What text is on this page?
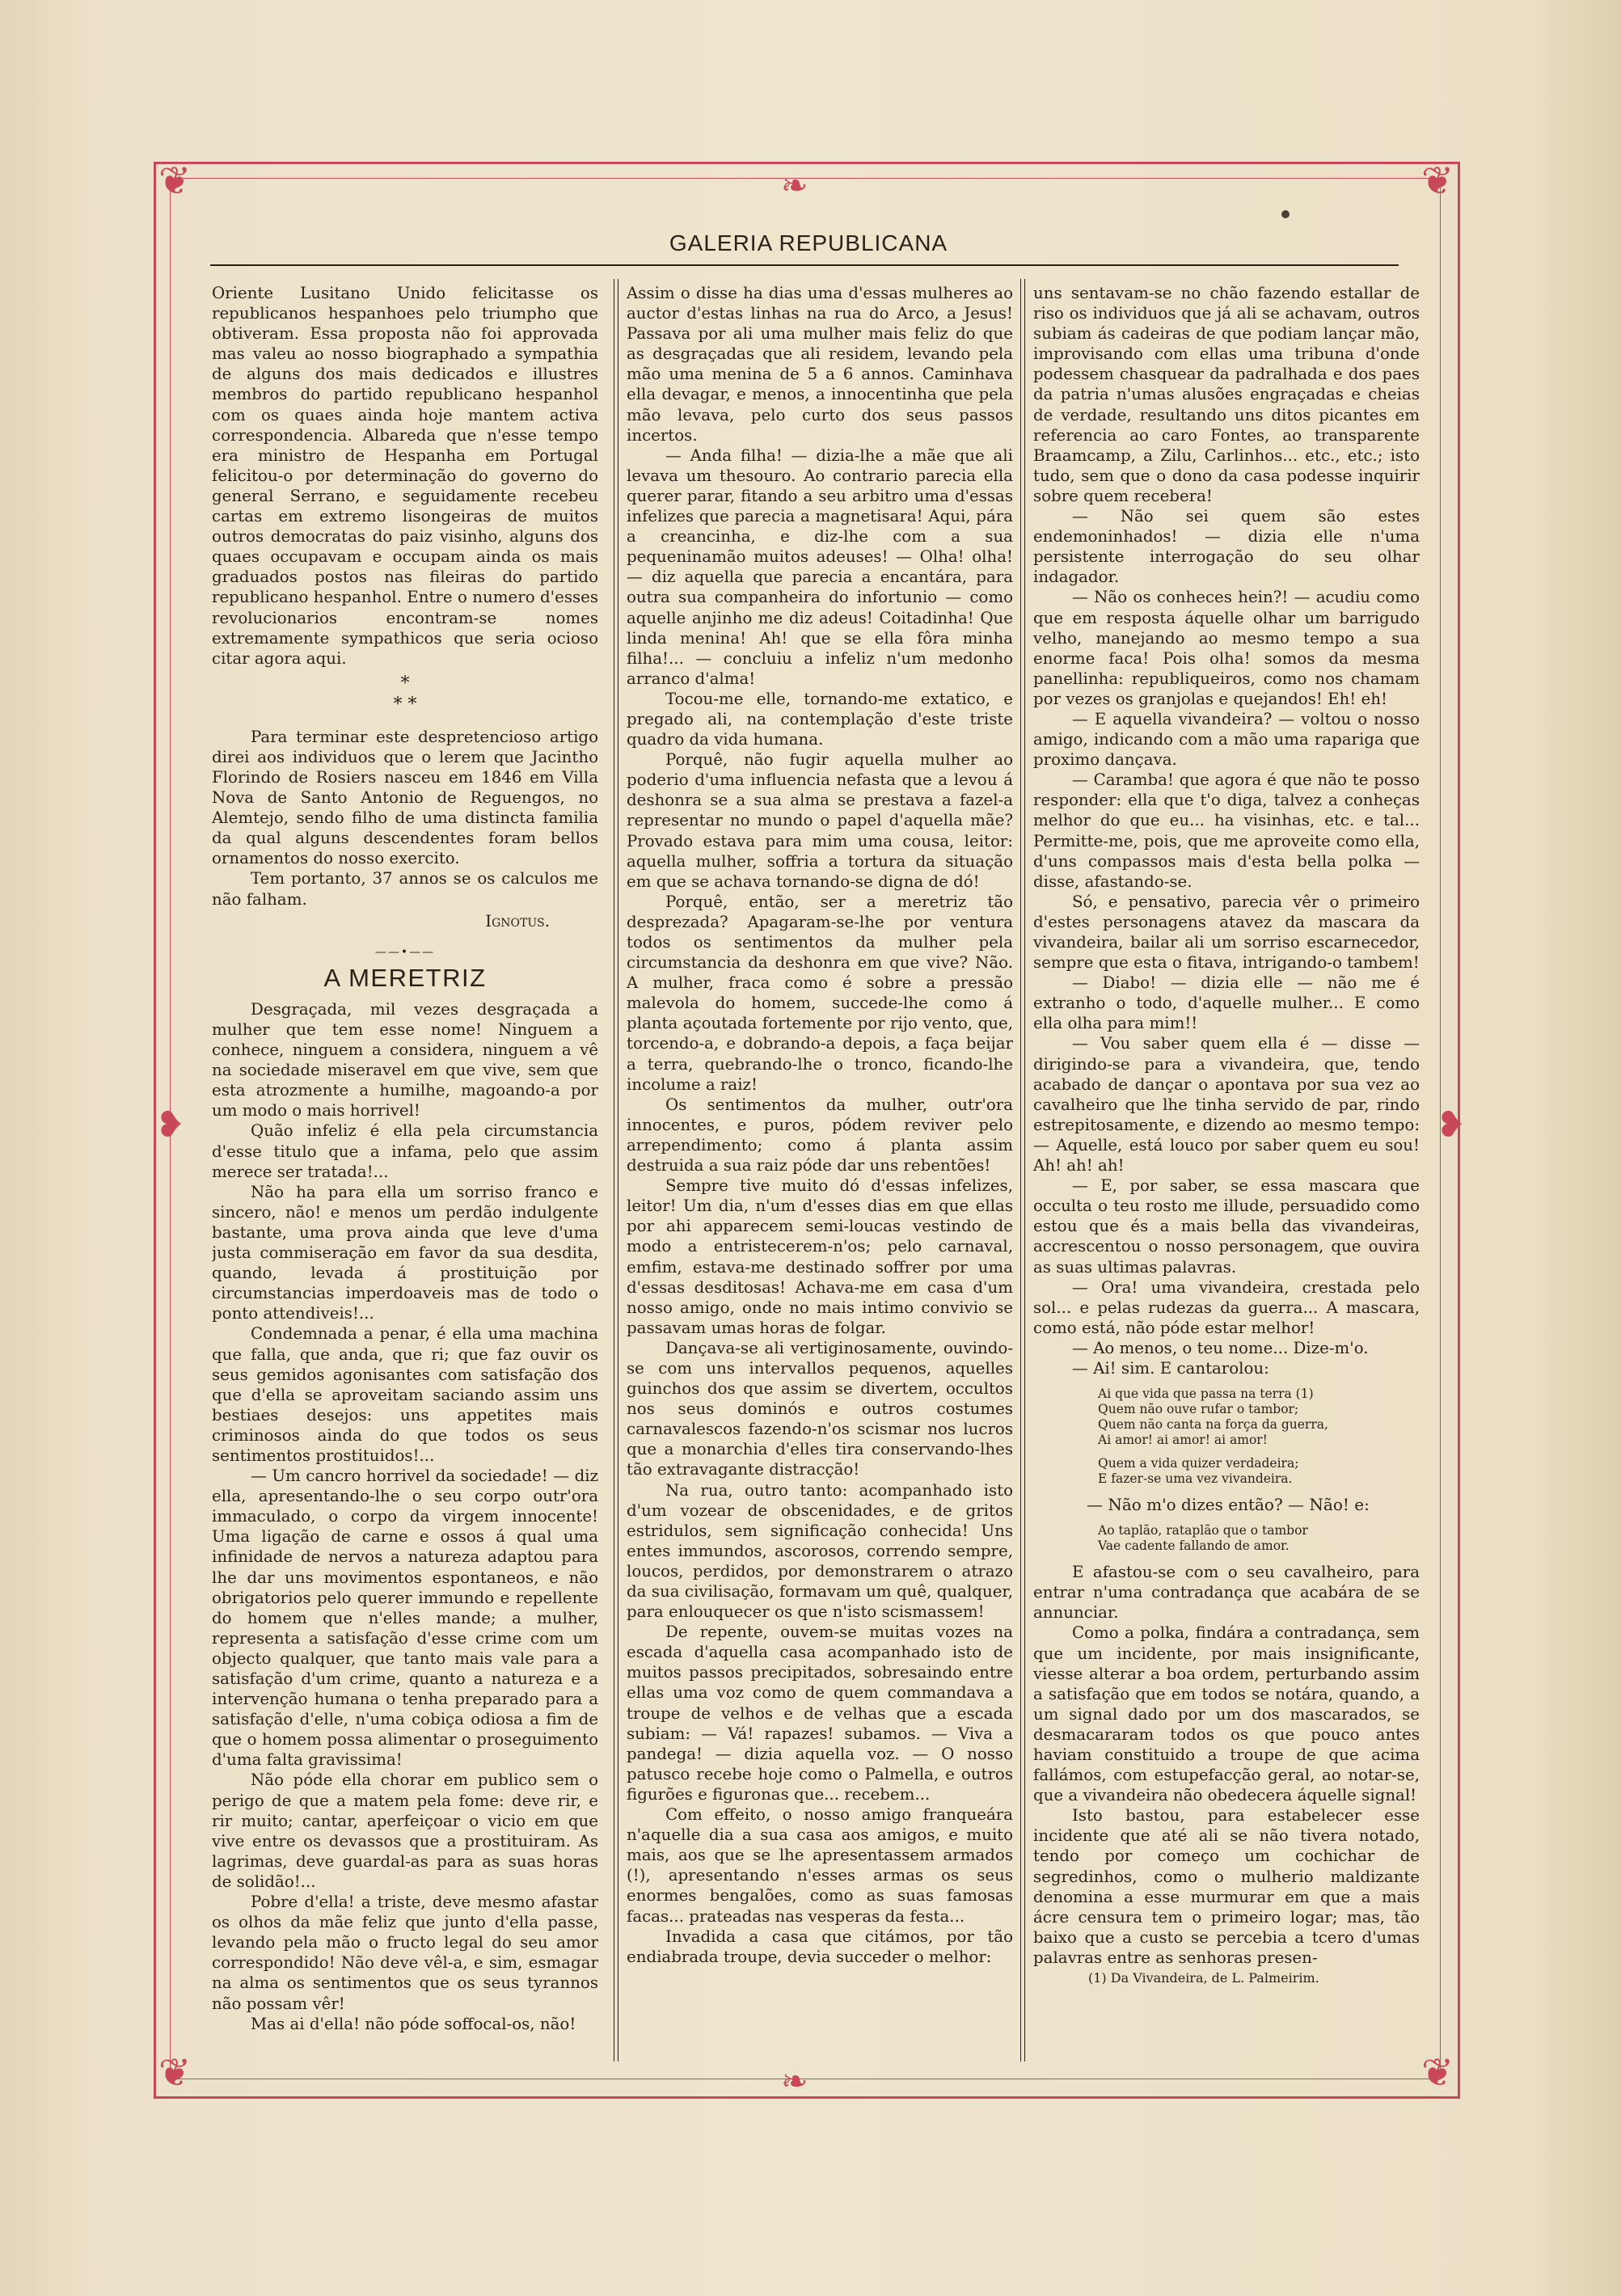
❦	❦
❦	❦
❧
❧
❥	❥
GALERIA REPUBLICANA

Oriente Lusitano Unido felicitasse os republicanos hespanhoes pelo triumpho que obtiveram. Essa proposta não foi approvada mas valeu ao nosso biographado a sympathia de alguns dos mais dedicados e illustres membros do partido republicano hespanhol com os quaes ainda hoje mantem activa correspondencia. Albareda que n'esse tempo era ministro de Hespanha em Portugal felicitou-o por determinação do governo do general Serrano, e seguidamente recebeu cartas em extremo lisongeiras de muitos outros democratas do paiz visinho, alguns dos quaes occupavam e occupam ainda os mais graduados postos nas fileiras do partido republicano hespanhol. Entre o numero d'esses revolucionarios encontram-se nomes extremamente sympathicos que seria ocioso citar agora aqui.

*
* *

Para terminar este despretencioso artigo direi aos individuos que o lerem que Jacintho Florindo de Rosiers nasceu em 1846 em Villa Nova de Santo Antonio de Reguengos, no Alemtejo, sendo filho de uma distincta familia da qual alguns descendentes foram bellos ornamentos do nosso exercito.

Tem portanto, 37 annos se os calculos me não falham.

Ignotus.

——•——
A MERETRIZ

Desgraçada, mil vezes desgraçada a mulher que tem esse nome! Ninguem a conhece, ninguem a considera, ninguem a vê na sociedade miseravel em que vive, sem que esta atrozmente a humilhe, magoando-a por um modo o mais horrivel!

Quão infeliz é ella pela circumstancia d'esse titulo que a infama, pelo que assim merece ser tratada!...

Não ha para ella um sorriso franco e sincero, não! e menos um perdão indulgente bastante, uma prova ainda que leve d'uma justa commiseração em favor da sua desdita, quando, levada á prostituição por circumstancias imperdoaveis mas de todo o ponto attendiveis!...

Condemnada a penar, é ella uma machina que falla, que anda, que ri; que faz ouvir os seus gemidos agonisantes com satisfação dos que d'ella se aproveitam saciando assim uns bestiaes desejos: uns appetites mais criminosos ainda do que todos os seus sentimentos prostituidos!...

— Um cancro horrivel da sociedade! — diz ella, apresentando-lhe o seu corpo outr'ora immaculado, o corpo da virgem innocente! Uma ligação de carne e ossos á qual uma infinidade de nervos a natureza adaptou para lhe dar uns movimentos espontaneos, e não obrigatorios pelo querer immundo e repellente do homem que n'elles mande; a mulher, representa a satisfação d'esse crime com um objecto qualquer, que tanto mais vale para a satisfação d'um crime, quanto a natureza e a intervenção humana o tenha preparado para a satisfação d'elle, n'uma cobiça odiosa a fim de que o homem possa alimentar o proseguimento d'uma falta gravissima!

Não póde ella chorar em publico sem o perigo de que a matem pela fome: deve rir, e rir muito; cantar, aperfeiçoar o vicio em que vive entre os devassos que a prostituiram. As lagrimas, deve guardal-as para as suas horas de solidão!...

Pobre d'ella! a triste, deve mesmo afastar os olhos da mãe feliz que junto d'ella passe, levando pela mão o fructo legal do seu amor correspondido! Não deve vêl-a, e sim, esmagar na alma os sentimentos que os seus tyrannos não possam vêr!

Mas ai d'ella! não póde soffocal-os, não!

Assim o disse ha dias uma d'essas mulheres ao auctor d'estas linhas na rua do Arco, a Jesus! Passava por ali uma mulher mais feliz do que as desgraçadas que ali residem, levando pela mão uma menina de 5 a 6 annos. Caminhava ella devagar, e menos, a innocentinha que pela mão levava, pelo curto dos seus passos incertos.

— Anda filha! — dizia-lhe a mãe que ali levava um thesouro. Ao contrario parecia ella querer parar, fitando a seu arbitro uma d'essas infelizes que parecia a magnetisara! Aqui, pára a creancinha, e diz-lhe com a sua pequeninamão muitos adeuses! — Olha! olha! — diz aquella que parecia a encantára, para outra sua companheira do infortunio — como aquelle anjinho me diz adeus! Coitadinha! Que linda menina! Ah! que se ella fôra minha filha!... — concluiu a infeliz n'um medonho arranco d'alma!

Tocou-me elle, tornando-me extatico, e pregado ali, na contemplação d'este triste quadro da vida humana.

Porquê, não fugir aquella mulher ao poderio d'uma influencia nefasta que a levou á deshonra se a sua alma se prestava a fazel-a representar no mundo o papel d'aquella mãe? Provado estava para mim uma cousa, leitor: aquella mulher, soffria a tortura da situação em que se achava tornando-se digna de dó!

Porquê, então, ser a meretriz tão desprezada? Apagaram-se-lhe por ventura todos os sentimentos da mulher pela circumstancia da deshonra em que vive? Não. A mulher, fraca como é sobre a pressão malevola do homem, succede-lhe como á planta açoutada fortemente por rijo vento, que, torcendo-a, e dobrando-a depois, a faça beijar a terra, quebrando-lhe o tronco, ficando-lhe incolume a raiz!

Os sentimentos da mulher, outr'ora innocentes, e puros, pódem reviver pelo arrependimento; como á planta assim destruida a sua raiz póde dar uns rebentões!

Sempre tive muito dó d'essas infelizes, leitor! Um dia, n'um d'esses dias em que ellas por ahi apparecem semi-loucas vestindo de modo a entristecerem-n'os; pelo carnaval, emfim, estava-me destinado soffrer por uma d'essas desditosas! Achava-me em casa d'um nosso amigo, onde no mais intimo convivio se passavam umas horas de folgar.

Dançava-se ali vertiginosamente, ouvindo-se com uns intervallos pequenos, aquelles guinchos dos que assim se divertem, occultos nos seus dominós e outros costumes carnavalescos fazendo-n'os scismar nos lucros que a monarchia d'elles tira conservando-lhes tão extravagante distracção!

Na rua, outro tanto: acompanhado isto d'um vozear de obscenidades, e de gritos estridulos, sem significação conhecida! Uns entes immundos, ascorosos, correndo sempre, loucos, perdidos, por demonstrarem o atrazo da sua civilisação, formavam um quê, qualquer, para enlouquecer os que n'isto scismassem!

De repente, ouvem-se muitas vozes na escada d'aquella casa acompanhado isto de muitos passos precipitados, sobresaindo entre ellas uma voz como de quem commandava a troupe de velhos e de velhas que a escada subiam: — Vá! rapazes! subamos. — Viva a pandega! — dizia aquella voz. — O nosso patusco recebe hoje como o Palmella, e outros figurões e figuronas que... recebem...

Com effeito, o nosso amigo franqueára n'aquelle dia a sua casa aos amigos, e muito mais, aos que se lhe apresentassem armados (!), apresentando n'esses armas os seus enormes bengalões, como as suas famosas facas... prateadas nas vesperas da festa...

Invadida a casa que citámos, por tão endiabrada troupe, devia succeder o melhor:

uns sentavam-se no chão fazendo estallar de riso os individuos que já ali se achavam, outros subiam ás cadeiras de que podiam lançar mão, improvisando com ellas uma tribuna d'onde podessem chasquear da padralhada e dos paes da patria n'umas alusões engraçadas e cheias de verdade, resultando uns ditos picantes em referencia ao caro Fontes, ao transparente Braamcamp, a Zilu, Carlinhos... etc., etc.; isto tudo, sem que o dono da casa podesse inquirir sobre quem recebera!

— Não sei quem são estes endemoninhados! — dizia elle n'uma persistente interrogação do seu olhar indagador.

— Não os conheces hein?! — acudiu como que em resposta áquelle olhar um barrigudo velho, manejando ao mesmo tempo a sua enorme faca! Pois olha! somos da mesma panellinha: republiqueiros, como nos chamam por vezes os granjolas e quejandos! Eh! eh!

— E aquella vivandeira? — voltou o nosso amigo, indicando com a mão uma rapariga que proximo dançava.

— Caramba! que agora é que não te posso responder: ella que t'o diga, talvez a conheças melhor do que eu... ha visinhas, etc. e tal... Permitte-me, pois, que me aproveite como ella, d'uns compassos mais d'esta bella polka — disse, afastando-se.

Só, e pensativo, parecia vêr o primeiro d'estes personagens atavez da mascara da vivandeira, bailar ali um sorriso escarnecedor, sempre que esta o fitava, intrigando-o tambem!

— Diabo! — dizia elle — não me é extranho o todo, d'aquelle mulher... E como ella olha para mim!!

— Vou saber quem ella é — disse — dirigindo-se para a vivandeira, que, tendo acabado de dançar o apontava por sua vez ao cavalheiro que lhe tinha servido de par, rindo estrepitosamente, e dizendo ao mesmo tempo: — Aquelle, está louco por saber quem eu sou! Ah! ah! ah!

— E, por saber, se essa mascara que occulta o teu rosto me illude, persuadido como estou que és a mais bella das vivandeiras, accrescentou o nosso personagem, que ouvira as suas ultimas palavras.

— Ora! uma vivandeira, crestada pelo sol... e pelas rudezas da guerra... A mascara, como está, não póde estar melhor!

— Ao menos, o teu nome... Dize-m'o.

— Ai! sim. E cantarolou:

Ai que vida que passa na terra (1)
Quem não ouve rufar o tambor;
Quem não canta na força da guerra,
Ai amor! ai amor! ai amor!
Quem a vida quizer verdadeira;
E fazer-se uma vez vivandeira.

— Não m'o dizes então? — Não! e:

Ao taplão, rataplão que o tambor
Vae cadente fallando de amor.

E afastou-se com o seu cavalheiro, para entrar n'uma contradança que acabára de se annunciar.

Como a polka, findára a contradança, sem que um incidente, por mais insignificante, viesse alterar a boa ordem, perturbando assim a satisfação que em todos se notára, quando, a um signal dado por um dos mascarados, se desmacararam todos os que pouco antes haviam constituido a troupe de que acima fallámos, com estupefacção geral, ao notar-se, que a vivandeira não obedecera áquelle signal!

Isto bastou, para estabelecer esse incidente que até ali se não tivera notado, tendo por começo um cochichar de segredinhos, como o mulherio maldizante denomina a esse murmurar em que a mais ácre censura tem o primeiro logar; mas, tão baixo que a custo se percebia a tcero d'umas palavras entre as senhoras presen-

(1) Da Vivandeira, de L. Palmeirim.
